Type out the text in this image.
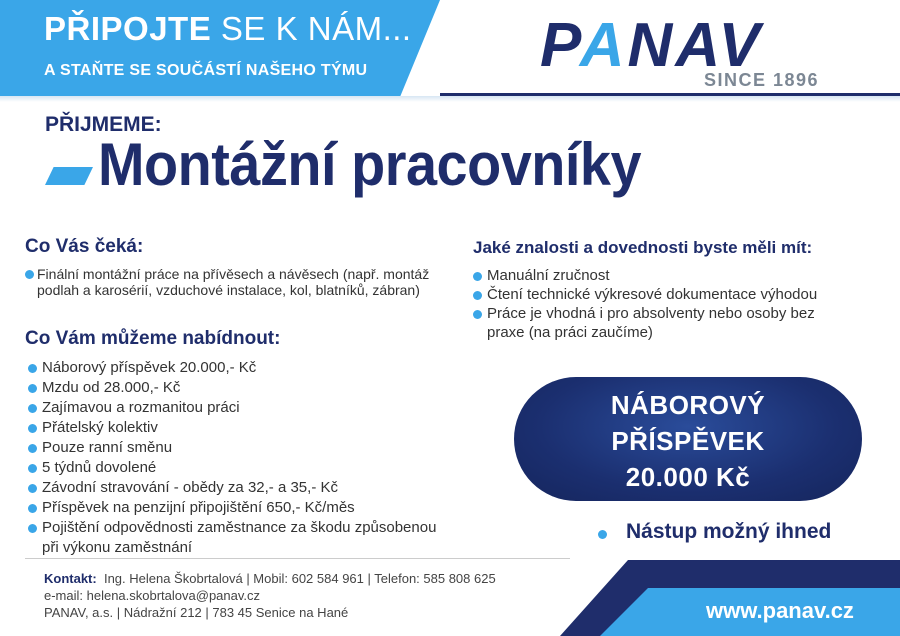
PŘIPOJTE SE K NÁM...
A STAŇTE SE SOUČÁSTÍ NAŠEHO TÝMU	PANAV
SINCE 1896
PŘIJMEME:
Montážní pracovníky
Co Vás čeká:
Finální montážní práce na přívěsech a návěsech (např. montáž podlah a karosérií, vzduchové instalace, kol, blatníků, zábran)
Co Vám můžeme nabídnout:
Náborový příspěvek 20.000,- Kč
Mzdu od 28.000,- Kč
Zajímavou a rozmanitou práci
Přátelský kolektiv
Pouze ranní směnu
5 týdnů dovolené
Závodní stravování - obědy za 32,- a 35,- Kč
Příspěvek na penzijní připojištění 650,- Kč/měs
Pojištění odpovědnosti zaměstnance za škodu způsobenou
při výkonu zaměstnání
Jaké znalosti a dovednosti byste měli mít:
Manuální zručnost
Čtení technické výkresové dokumentace výhodou
Práce je vhodná i pro absolventy nebo osoby bez
praxe (na práci zaučíme)
NÁBOROVÝ
PŘÍSPĚVEK
20.000 Kč
Nástup možný ihned
Kontakt: Ing. Helena Škobrtalová | Mobil: 602 584 961 | Telefon: 585 808 625
e-mail: helena.skobrtalova@panav.cz
PANAV, a.s. | Nádražní 212 | 783 45 Senice na Hané	www.panav.cz
